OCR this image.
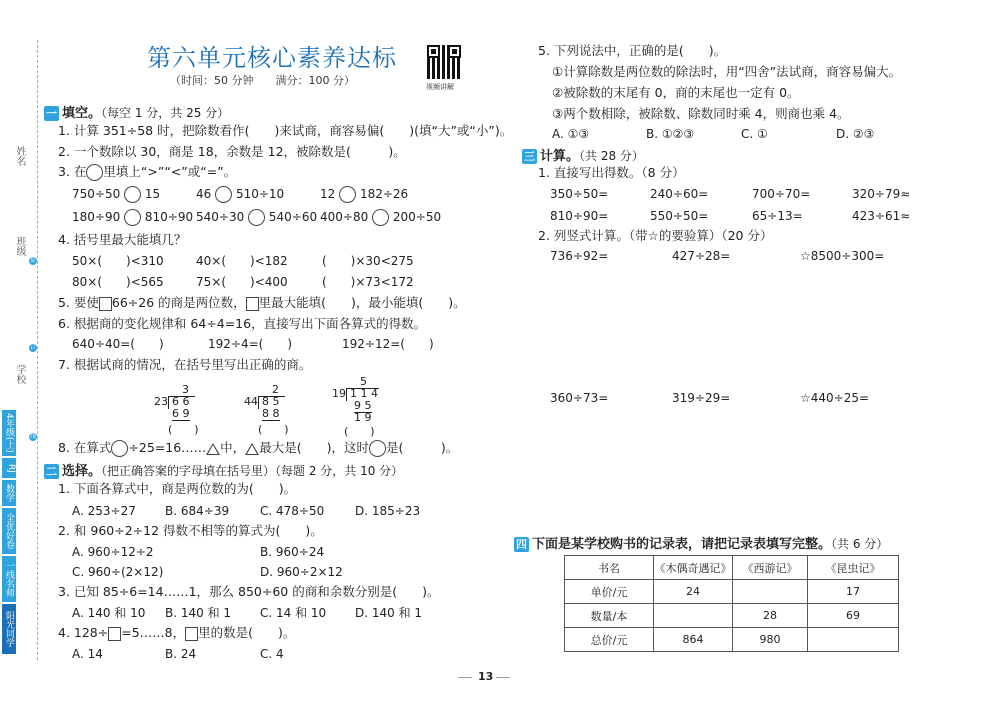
姓名
班级
学校
装
订
线
4年级(上)
RJ
数学
全优好卷
一线名师
阳光同学
第六单元核心素养达标
（时间：50 分钟　　满分：100 分）	视频讲解
一 填空。（每空 1 分，共 25 分）
1. 计算 351÷58 时，把除数看作(　　)来试商，商容易偏(　　)(填“大”或“小”)。
2. 一个数除以 30，商是 18，余数是 12，被除数是(　　　)。
3. 在 里填上“>”“<”或“=”。
750÷50 15	46 510÷10	12 182÷26
180÷90 810÷90 540÷30 540÷60 400÷80 200÷50
4. 括号里最大能填几？
50×(　　)<310	40×(　　)<182	(　　)×30<275
80×(　　)<565	75×(　　)<400	(　　)×73<172
5. 要使 66÷26 的商是两位数， 里最大能填(　　)，最小能填(　　)。
6. 根据商的变化规律和 64÷4=16，直接写出下面各算式的得数。
640÷40=(　　)	192÷4=(　　)	192÷12=(　　)
7. 根据试商的情况，在括号里写出正确的商。
3
23 6 6
6 9
(　　)
2
44 8 5
8 8
(　　)
5
19 1 1 4
9 5
1 9
(　　)
8. 在算式 ÷25=16…… 中， 最大是(　　)，这时 是(　　　)。
二 选择。（把正确答案的字母填在括号里）（每题 2 分，共 10 分）
1. 下面各算式中，商是两位数的为(　　)。
A. 253÷27 B. 684÷39	C. 478÷50	D. 185÷23
2. 和 960÷2÷12 得数不相等的算式为(　　)。
A. 960÷12÷2	B. 960÷24
C. 960÷(2×12)	D. 960÷2×12
3. 已知 85÷6=14……1，那么 850÷60 的商和余数分别是(　　)。
A. 140 和 10 B. 140 和 1 C. 14 和 10 D. 140 和 1
4. 128÷ =5……8， 里的数是(　　)。
A. 14	B. 24	C. 4
5. 下列说法中，正确的是(　　)。
①计算除数是两位数的除法时，用“四舍”法试商，商容易偏大。
②被除数的末尾有 0，商的末尾也一定有 0。
③两个数相除，被除数、除数同时乘 4，则商也乘 4。
A. ①③	B. ①②③	C. ①	D. ②③
三 计算。（共 28 分）
1. 直接写出得数。（8 分）
350÷50=	240÷60=	700÷70=	320÷79≈
810÷90=	550÷50=	65÷13=	423÷61≈
2. 列竖式计算。（带☆的要验算）（20 分）
736÷92=	427÷28=	☆8500÷300=
360÷73=	319÷29=	☆440÷25=
四 下面是某学校购书的记录表，请把记录表填写完整。（共 6 分）
书名	《木偶奇遇记》	《西游记》	《昆虫记》
单价/元	24		17
数量/本		28	69
总价/元	864	980	
13
